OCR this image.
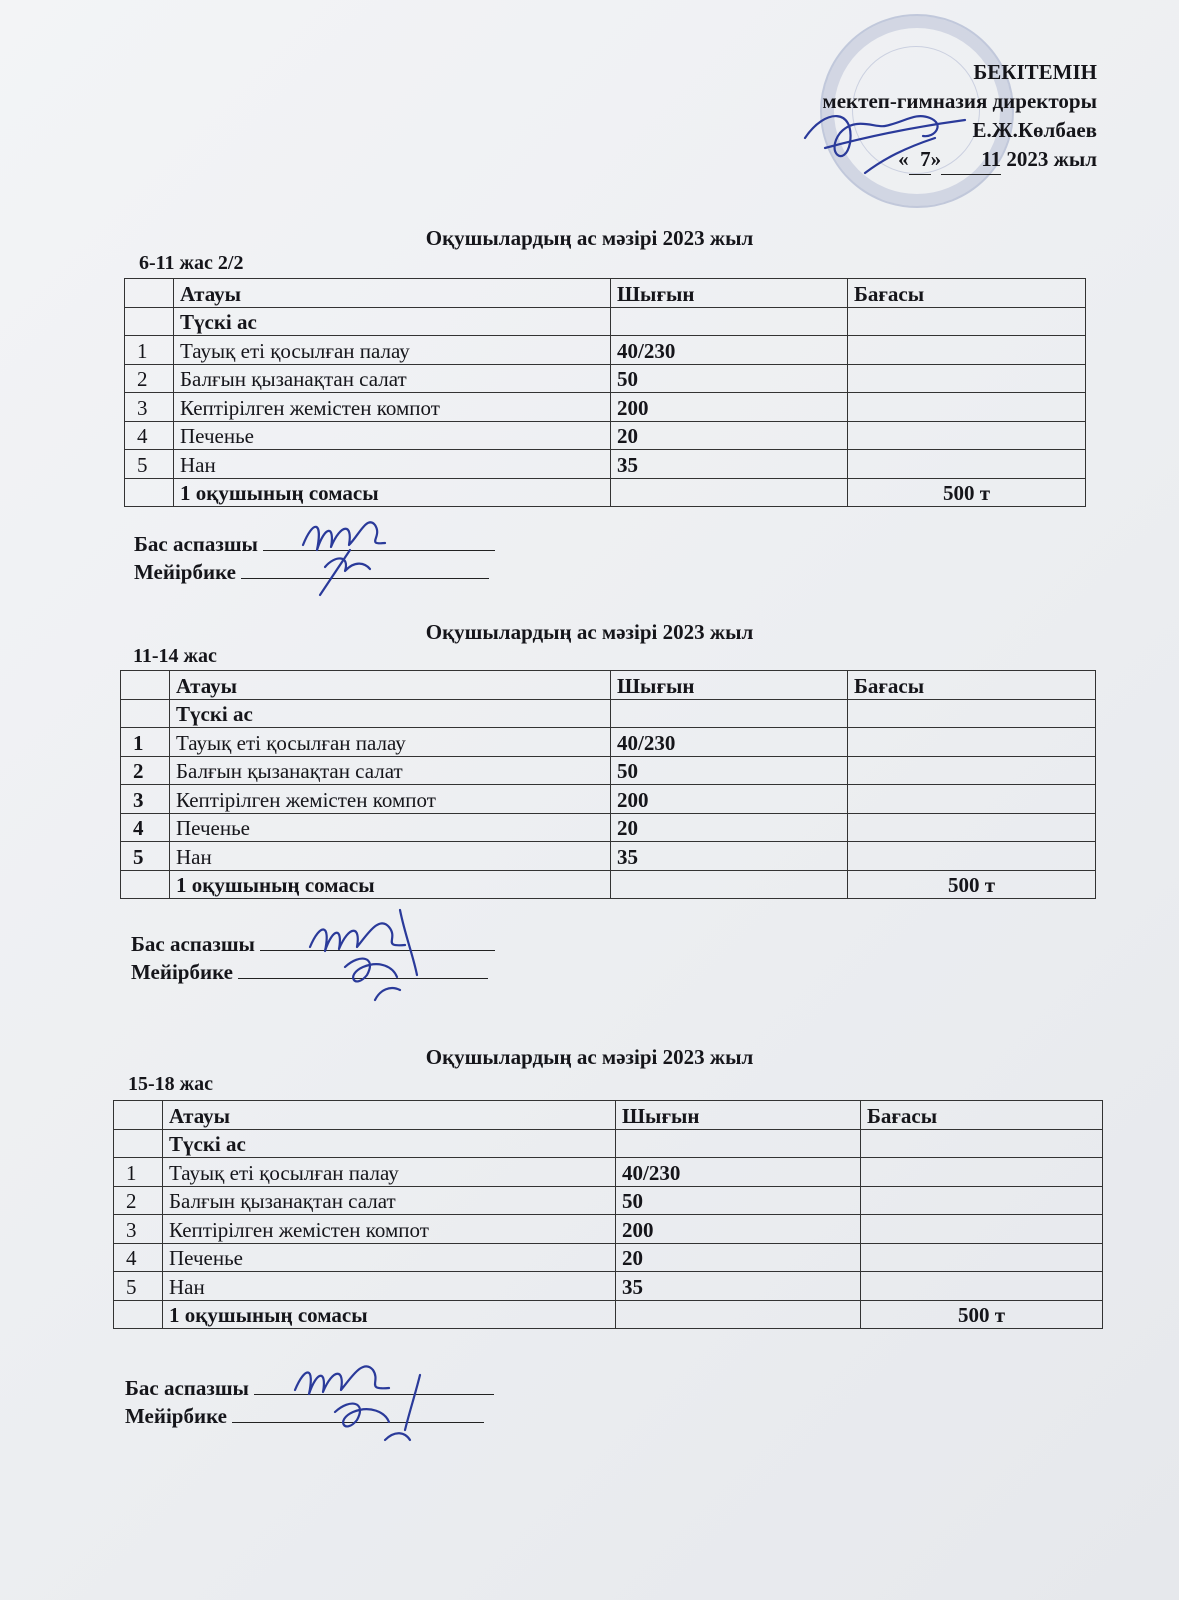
БЕКІТЕМІН
мектеп-гимназия директоры
Е.Ж.Көлбаев
« 7» 11 2023 жыл
Оқушылардың ас мәзірі 2023 жыл
6-11 жас 2/2
	Атауы	Шығын	Бағасы
	Түскі ас		
1	Тауық еті қосылған палау	40/230	
2	Балғын қызанақтан салат	50	
3	Кептірілген жемістен компот	200	
4	Печенье	20	
5	Нан	35	
	1 оқушының сомасы		500 т
Бас аспазшы
Мейірбике
Оқушылардың ас мәзірі 2023 жыл
11-14 жас
	Атауы	Шығын	Бағасы
	Түскі ас		
1	Тауық еті қосылған палау	40/230	
2	Балғын қызанақтан салат	50	
3	Кептірілген жемістен компот	200	
4	Печенье	20	
5	Нан	35	
	1 оқушының сомасы		500 т
Бас аспазшы
Мейірбике
Оқушылардың ас мәзірі 2023 жыл
15-18 жас
	Атауы	Шығын	Бағасы
	Түскі ас		
1	Тауық еті қосылған палау	40/230	
2	Балғын қызанақтан салат	50	
3	Кептірілген жемістен компот	200	
4	Печенье	20	
5	Нан	35	
	1 оқушының сомасы		500 т
Бас аспазшы
Мейірбике
